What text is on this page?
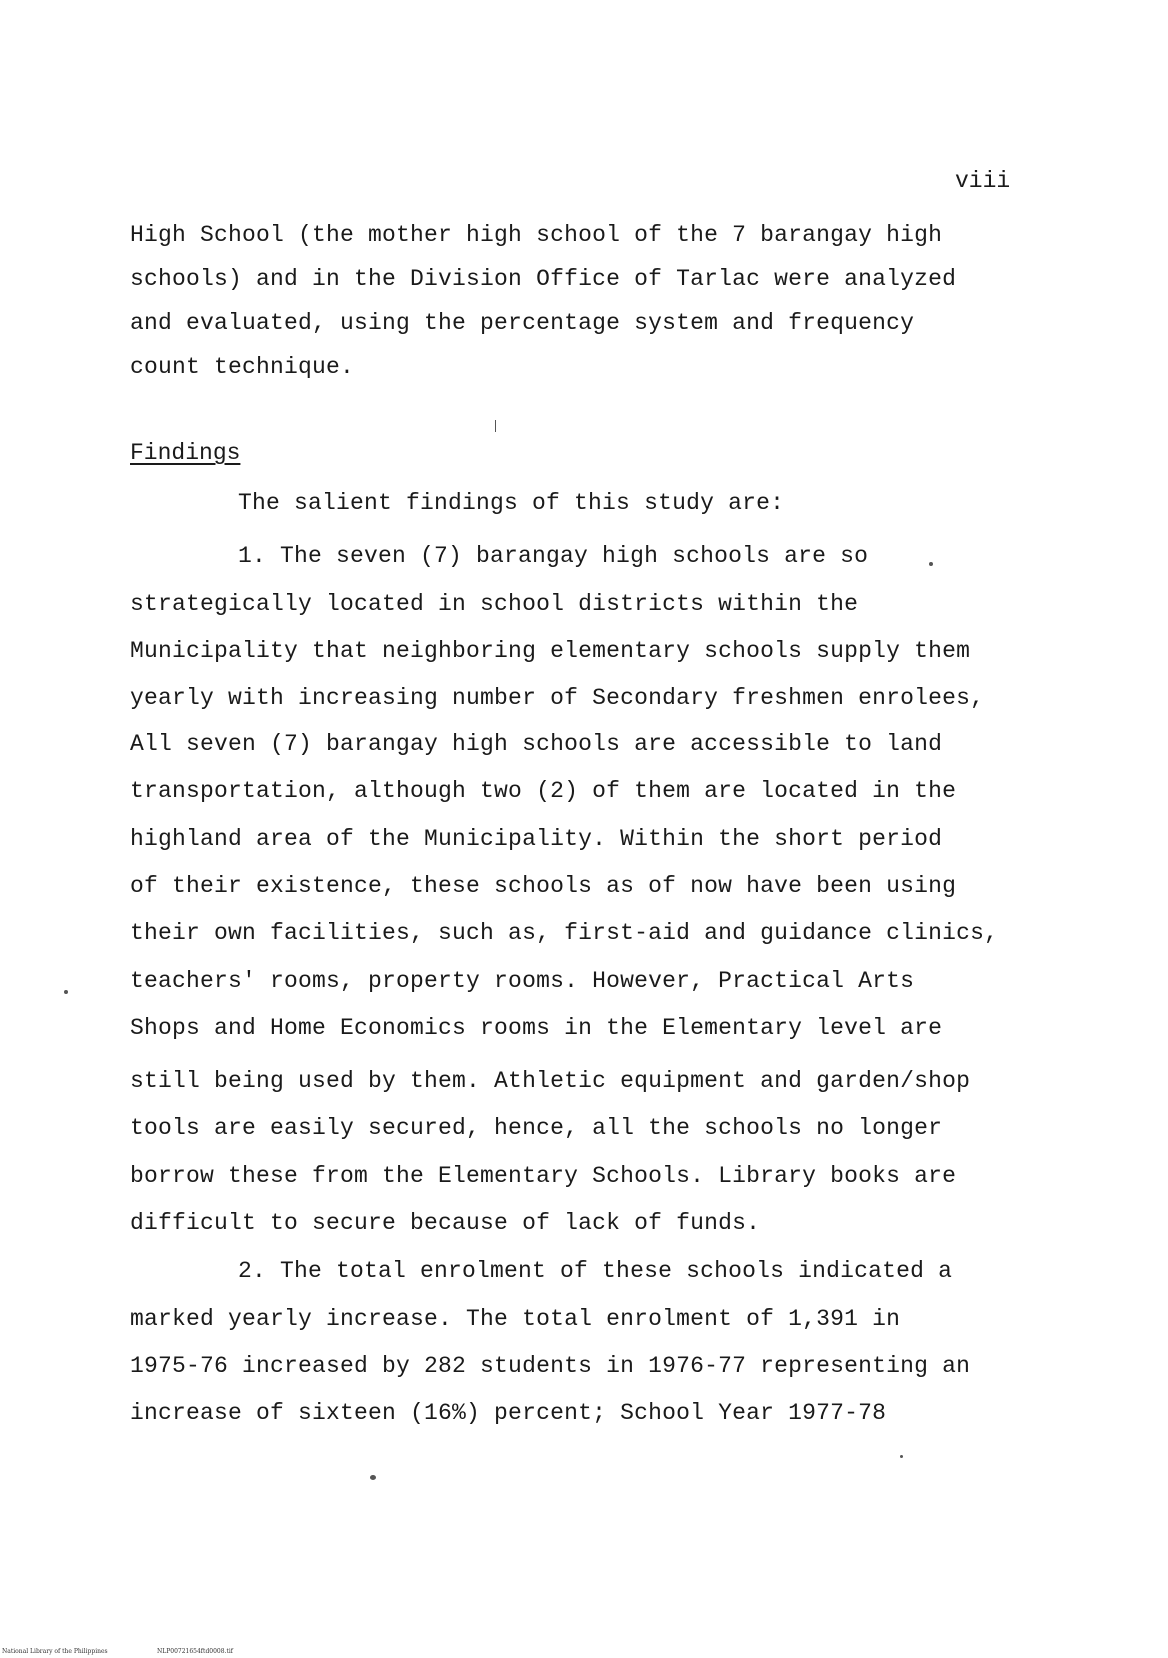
viii
High School (the mother high school of the 7 barangay high
schools) and in the Division Office of Tarlac were analyzed
and evaluated, using the percentage system and frequency
count technique.
Findings
The salient findings of this study are:
1. The seven (7) barangay high schools are so
strategically located in school districts within the
Municipality that neighboring elementary schools supply them
yearly with increasing number of Secondary freshmen enrolees,
All seven (7) barangay high schools are accessible to land
transportation, although two (2) of them are located in the
highland area of the Municipality. Within the short period
of their existence, these schools as of now have been using
their own facilities, such as, first-aid and guidance clinics,
teachers' rooms, property rooms. However, Practical Arts
Shops and Home Economics rooms in the Elementary level are
still being used by them. Athletic equipment and garden/shop
tools are easily secured, hence, all the schools no longer
borrow these from the Elementary Schools. Library books are
difficult to secure because of lack of funds.
2. The total enrolment of these schools indicated a
marked yearly increase. The total enrolment of 1,391 in
1975-76 increased by 282 students in 1976-77 representing an
increase of sixteen (16%) percent; School Year 1977-78
National Library of the Philippines	NLP00721654ftd0008.tif
